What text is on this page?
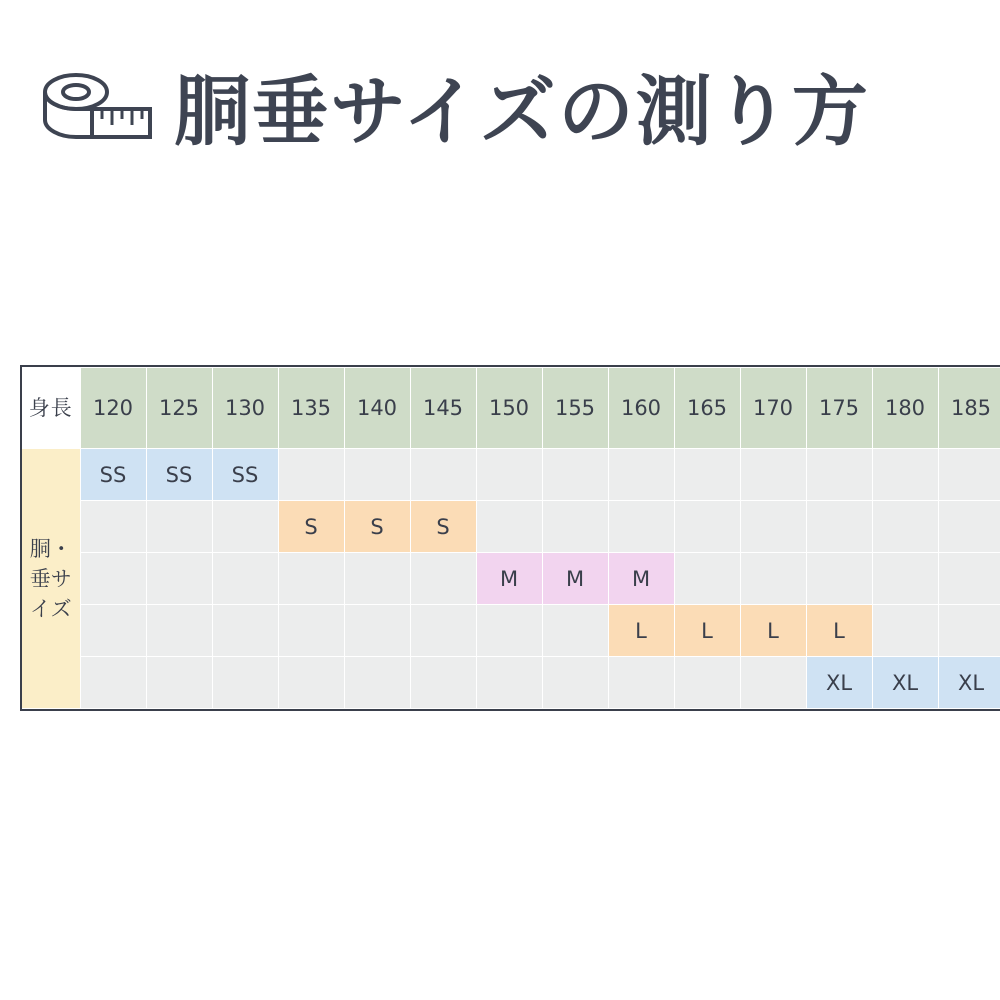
胴垂サイズの測り方
身長	120	125	130	135	140	145	150	155	160	165	170	175	180	185

胴・垂サイズ	SS	SS	SS											
				S	S	S								
							M	M	M					
									L	L	L	L		
												XL	XL	XL
